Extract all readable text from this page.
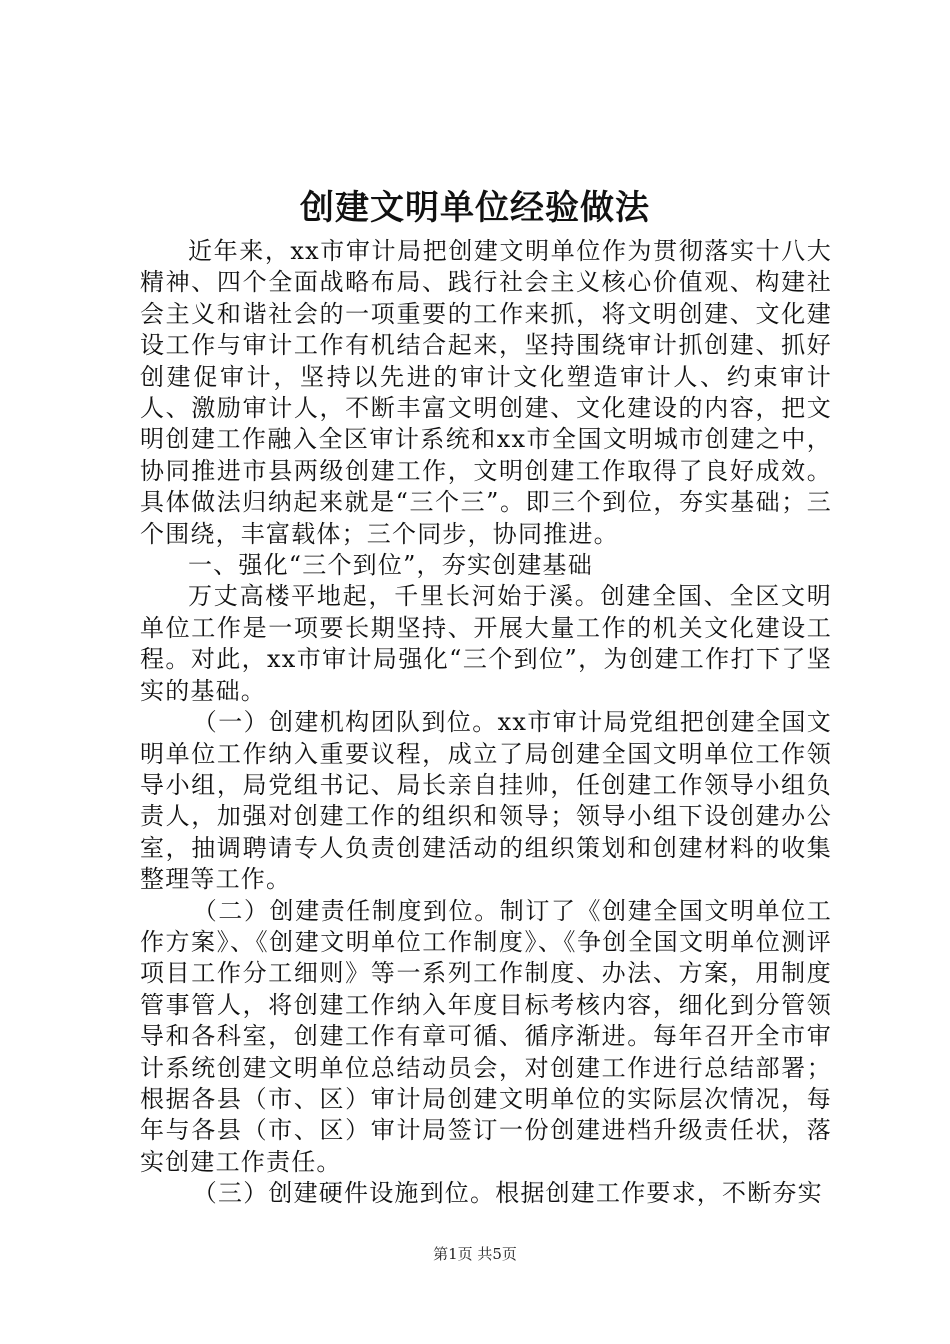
创建文明单位经验做法

近年来，xx市审计局把创建文明单位作为贯彻落实十八大精神、四个全面战略布局、践行社会主义核心价值观、构建社会主义和谐社会的一项重要的工作来抓，将文明创建、文化建设工作与审计工作有机结合起来，坚持围绕审计抓创建、抓好创建促审计，坚持以先进的审计文化塑造审计人、约束审计人、激励审计人，不断丰富文明创建、文化建设的内容，把文明创建工作融入全区审计系统和xx市全国文明城市创建之中，协同推进市县两级创建工作，文明创建工作取得了良好成效。具体做法归纳起来就是“三个三”。即三个到位，夯实基础；三个围绕，丰富载体；三个同步，协同推进。

一、强化“三个到位”，夯实创建基础

万丈高楼平地起，千里长河始于溪。创建全国、全区文明单位工作是一项要长期坚持、开展大量工作的机关文化建设工程。对此，xx市审计局强化“三个到位”，为创建工作打下了坚实的基础。

（一）创建机构团队到位。xx市审计局党组把创建全国文明单位工作纳入重要议程，成立了局创建全国文明单位工作领导小组，局党组书记、局长亲自挂帅，任创建工作领导小组负责人，加强对创建工作的组织和领导；领导小组下设创建办公室，抽调聘请专人负责创建活动的组织策划和创建材料的收集整理等工作。

（二）创建责任制度到位。制订了《创建全国文明单位工作方案》、《创建文明单位工作制度》、《争创全国文明单位测评项目工作分工细则》等一系列工作制度、办法、方案，用制度管事管人，将创建工作纳入年度目标考核内容，细化到分管领导和各科室，创建工作有章可循、循序渐进。每年召开全市审计系统创建文明单位总结动员会，对创建工作进行总结部署；根据各县（市、区）审计局创建文明单位的实际层次情况，每年与各县（市、区）审计局签订一份创建进档升级责任状，落实创建工作责任。

（三）创建硬件设施到位。根据创建工作要求，不断夯实

第1页 共5页
